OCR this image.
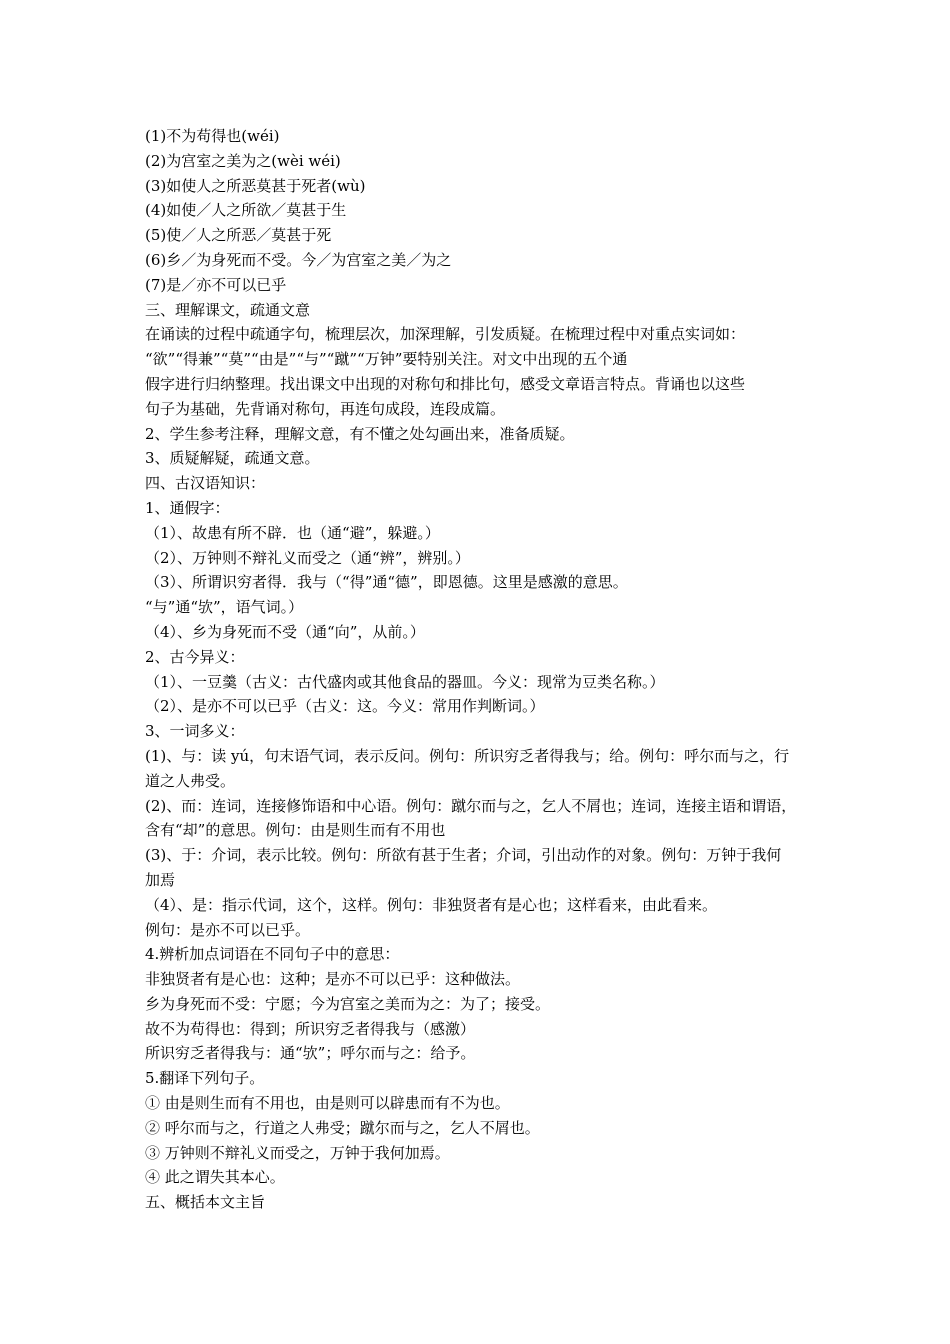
(1)不为苟得也(wéi)
(2)为宫室之美为之(wèi wéi)
(3)如使人之所恶莫甚于死者(wù)
(4)如使／人之所欲／莫甚于生
(5)使／人之所恶／莫甚于死
(6)乡／为身死而不受。今／为宫室之美／为之
(7)是／亦不可以已乎
三、理解课文，疏通文意
在诵读的过程中疏通字句，梳理层次，加深理解，引发质疑。在梳理过程中对重点实词如：
“欲”“得兼”“莫”“由是”“与”“蹴”“万钟”要特别关注。对文中出现的五个通
假字进行归纳整理。找出课文中出现的对称句和排比句，感受文章语言特点。背诵也以这些
句子为基础，先背诵对称句，再连句成段，连段成篇。
2、学生参考注释，理解文意，有不懂之处勾画出来，准备质疑。
3、质疑解疑，疏通文意。
四、古汉语知识：
1、通假字：
（1）、故患有所不辟．也（通“避”，躲避。）
（2）、万钟则不辩礼义而受之（通“辨”，辨别。）
（3）、所谓识穷者得．我与（“得”通“德”，即恩德。这里是感激的意思。
“与”通“欤”，语气词。）
（4）、乡为身死而不受（通“向”，从前。）
2、古今异义：
（1）、一豆羹（古义：古代盛肉或其他食品的器皿。今义：现常为豆类名称。）
（2）、是亦不可以已乎（古义：这。今义：常用作判断词。）
3、一词多义：
(1)、与：读 yú，句末语气词，表示反问。例句：所识穷乏者得我与；给。例句：呼尔而与之，行
道之人弗受。
(2)、而：连词，连接修饰语和中心语。例句：蹴尔而与之，乞人不屑也；连词，连接主语和谓语，
含有“却”的意思。例句：由是则生而有不用也
(3)、于：介词，表示比较。例句：所欲有甚于生者；介词，引出动作的对象。例句：万钟于我何
加焉
（4）、是：指示代词，这个，这样。例句：非独贤者有是心也；这样看来，由此看来。
例句：是亦不可以已乎。
4.辨析加点词语在不同句子中的意思：
非独贤者有是心也：这种；是亦不可以已乎：这种做法。
乡为身死而不受：宁愿；今为宫室之美而为之：为了；接受。
故不为苟得也：得到；所识穷乏者得我与（感激）
所识穷乏者得我与：通“欤”；呼尔而与之：给予。
5.翻译下列句子。
① 由是则生而有不用也，由是则可以辟患而有不为也。
② 呼尔而与之，行道之人弗受；蹴尔而与之，乞人不屑也。
③ 万钟则不辩礼义而受之，万钟于我何加焉。
④ 此之谓失其本心。
五、概括本文主旨
